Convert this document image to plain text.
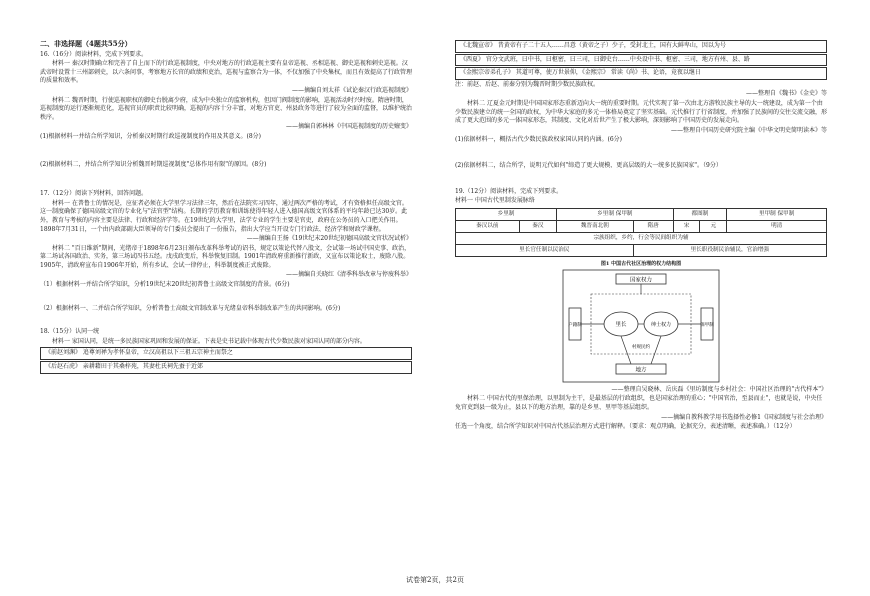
二、非选择题（4题共55分）
16.（16分）阅读材料，完成下列要求。
材料一 秦汉时期确立和完善了自上而下的行政巡视制度，中央对地方的行政巡视主要有皇帝巡视、丞相巡视、御史巡视和刺史巡视。汉武帝时设置十三州部刺史，以六条问事，考察地方长官的政绩和吏治，巡视与监察合为一体，不仅加强了中央集权，而且有效提高了行政管理的质量和效率。
——摘编自刘太祥《试论秦汉行政巡视制度》
材料二 魏晋时期，行使巡视职权的御史台脱离少府，成为中央独立的监察机构，但因门阀制度的影响，巡视活动时兴时废。隋唐时期，巡视制度的运行逐渐规范化，巡视官员的职责比较明确，巡视的内容十分丰富，对地方官吏、州县政务等进行了较为全面的监督，以维护统治秩序。
——摘编自郭林林《中国巡视制度的历史嬗变》
(1)根据材料一并结合所学知识，分析秦汉时期行政巡视制度的作用及其意义。(8分)
(2)根据材料二，并结合所学知识分析魏晋时期巡视制度"总体作用有限"的原因。(8分)
17.（12分）阅读下列材料，回答问题。
材料一 在普鲁士的情况是，应征者必须在大学里学习法律三年，然后在法院实习四年，通过两次严格的考试，才有资格担任高级文官。这一制度确保了德国高级文官的专业化与"法官型"结构。长期的学历教育和训练使得年轻人进入德国高级文官体系的平均年龄已达30岁。此外，教育与考核的内容主要是法律、行政和经济学等。在19世纪的大学里，法学专业的学生主要是官吏，政府在公务员的入口把关作用。1898年7月31日，一个由内政部副大臣领导的专门委员会提出了一份报告，指出大学应当开设专门行政法、经济学和财政学课程。
——摘编自王扬《19世纪末20世纪初德国高级文官状况试析》
材料二 "百日维新"期间，光绪帝于1898年6月23日颁布改革科举考试的诏书，规定以策论代替八股文，会试第一场试中国史事、政治，第二场试各国政治、实务，第三场试四书五经。戊戌政变后，科举恢复旧制。1901年清政府重新推行新政，又宣布以策论取士，废除八股。1905年，清政府宣布自1906年开始，所有乡试、会试一律停止，科举制度被正式废除。
——摘编自关晓红《清季科举改章与停废科举》
（1）根据材料一并结合所学知识，分析19世纪末20世纪初普鲁士高级文官制度的背景。(6分)
（2）根据材料一、二并结合所学知识，分析普鲁士高级文官制改革与光绪皇帝科举制改革产生的共同影响。(6分)
18.（15分）认同一统
材料一 家国认同，是统一多民族国家巩固和发展的保证。下表是史书记载中体现古代少数民族对家国认同的部分内容。
《前赵刘渊》 追尊刘禅为孝怀皇帝，立汉高祖以下三祖五宗神主而祭之
《后赵石虎》 亲耕藉田于其桑梓苑，其妻杜氏祠先蚕于近郊
《北魏宣帝》 昔黄帝有子二十五人……昌意（黄帝之子）少子，受封北土，国有大鲜卑山，因以为号
《西夏》 官分文武班，曰中书，曰枢密，曰三司，曰御史台……中央设中书、枢密、三司，地方有州、县、路
《金熙宗帝弟孔子》 其道可尊，使万世景仰，《金熙宗》 常读《尚》书、论语，竟夜以继日
注：前赵、后赵、前秦分别为魏晋时期少数民族政权。
——整理自《魏书》《金史》等
材料二 辽夏金元时期是中国国家形态重新迈向大一统的重要时期。元代实现了第一次由北方游牧民族主导的大一统建设，成为第一个由少数民族建立的统一全国的政权，为中华大家庭的多元一体格局奠定了坚实基础。元代推行了行省制度，并加强了民族间的交往交流交融，形成了更大范围的多元一体国家形态，其制度、文化对后世产生了极大影响，深刻影响了中国历史的发展走向。
——整理自中国历史研究院主编《中华文明史简明读本》等
(1)依据材料一，概括古代少数民族政权家国认同的内涵。(6分)
(2)依据材料二，结合所学，说明元代如何"缔造了更大规模、更高层级的大一统多民族国家"。（9分）
19.（12分）阅读材料，完成下列要求。
材料一 中国古代里制发展脉络
乡里制		乡里制 保甲制		都图制		里甲制 保甲制
秦汉以前	秦汉	魏晋南北朝	隋唐	宋	元	明清
宗族组织，乡约，行会等民间组织为辅						
里长官任制以民治民			里长职役制民治辅民，官治增强			
图1 中国古代社区治理的权力结构图
国家权力
里长	绅士权力
户籍制	保甲制
地方
村规民约
——整理自吴晓林、岳庆磊《里坊制度与乡村社会：中国社区治理的"古代样本"》
材料二 中国古代的里保治理，以里制为主干，是最基层的行政组织，也是国家治理的重心；"中国官治，至县而止"，也就是说，中央任免官吏到县一级为止，县以下的地方治理，靠的是乡里、里甲等基层组织。
——摘编自教科教学用书选择性必修1《国家制度与社会治理》
任选一个角度，结合所学知识对中国古代基层治理方式进行解释。（要求：观点明确，论据充分，表述清晰，表述准确。）（12分）
试卷第2页，共2页
